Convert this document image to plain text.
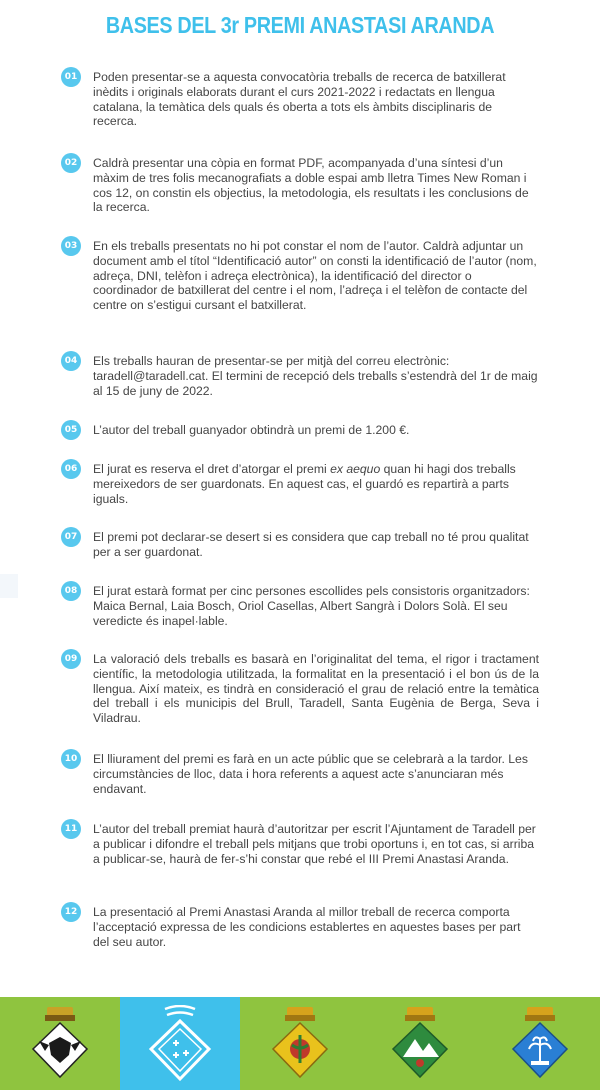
BASES DEL 3r PREMI ANASTASI ARANDA
01	Poden presentar-se a aquesta convocatòria treballs de recerca de batxillerat inèdits i originals elaborats durant el curs 2021-2022 i redactats en llengua catalana, la temàtica dels quals és oberta a tots els àmbits disciplinaris de recerca.
02	Caldrà presentar una còpia en format PDF, acompanyada d’una síntesi d’un màxim de tres folis mecanografiats a doble espai amb lletra Times New Roman i cos 12, on constin els objectius, la metodologia, els resultats i les conclusions de la recerca.
03	En els treballs presentats no hi pot constar el nom de l’autor. Caldrà adjuntar un document amb el títol “Identificació autor” on consti la identificació de l’autor (nom, adreça, DNI, telèfon i adreça electrònica), la identificació del director o coordinador de batxillerat del centre i el nom, l’adreça i el telèfon de contacte del centre on s’estigui cursant el batxillerat.
04	Els treballs hauran de presentar-se per mitjà del correu electrònic: taradell@taradell.cat. El termini de recepció dels treballs s’estendrà del 1r de maig al 15 de juny de 2022.
05	L’autor del treball guanyador obtindrà un premi de 1.200 €.
06	El jurat es reserva el dret d’atorgar el premi ex aequo quan hi hagi dos treballs mereixedors de ser guardonats. En aquest cas, el guardó es repartirà a parts iguals.
07	El premi pot declarar-se desert si es considera que cap treball no té prou qualitat per a ser guardonat.
08	El jurat estarà format per cinc persones escollides pels consistoris organitzadors: Maica Bernal, Laia Bosch, Oriol Casellas, Albert Sangrà i Dolors Solà. El seu veredicte és inapel·lable.
09	La valoració dels treballs es basarà en l’originalitat del tema, el rigor i tractament científic, la metodologia utilitzada, la formalitat en la presentació i el bon ús de la llengua. Així mateix, es tindrà en consideració el grau de relació entre la temàtica del treball i els municipis del Brull, Taradell, Santa Eugènia de Berga, Seva i Viladrau.
10	El lliurament del premi es farà en un acte públic que se celebrarà a la tardor. Les circumstàncies de lloc, data i hora referents a aquest acte s’anunciaran més endavant.
11	L’autor del treball premiat haurà d’autoritzar per escrit l’Ajuntament de Taradell per a publicar i difondre el treball pels mitjans que trobi oportuns i, en tot cas, si arriba a publicar-se, haurà de fer-s’hi constar que rebé el III Premi Anastasi Aranda.
12	La presentació al Premi Anastasi Aranda al millor treball de recerca comporta l’acceptació expressa de les condicions establertes en aquestes bases per part del seu autor.
